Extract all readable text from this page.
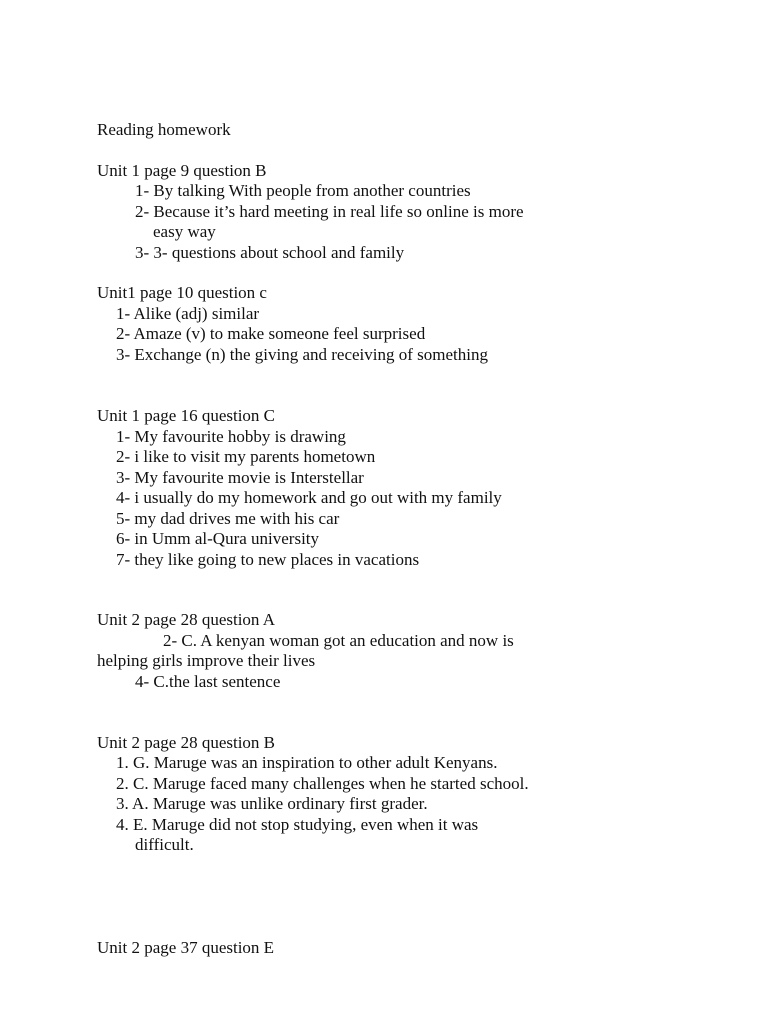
Reading homework
Unit 1 page 9 question B
1- By talking With people from another countries
2- Because it’s hard meeting in real life so online is more
easy way
3- 3- questions about school and family
Unit1 page 10 question c
1- Alike (adj) similar
2- Amaze (v) to make someone feel surprised
3- Exchange (n) the giving and receiving of something
Unit 1 page 16 question C
1- My favourite hobby is drawing
2- i like to visit my parents hometown
3- My favourite movie is Interstellar
4- i usually do my homework and go out with my family
5- my dad drives me with his car
6- in Umm al-Qura university
7- they like going to new places in vacations
Unit 2 page 28 question A
2- C. A kenyan woman got an education and now is
helping girls improve their lives
4- C.the last sentence
Unit 2 page 28 question B
1. G. Maruge was an inspiration to other adult Kenyans.
2. C. Maruge faced many challenges when he started school.
3. A. Maruge was unlike ordinary first grader.
4. E. Maruge did not stop studying, even when it was
difficult.
Unit 2 page 37 question E
